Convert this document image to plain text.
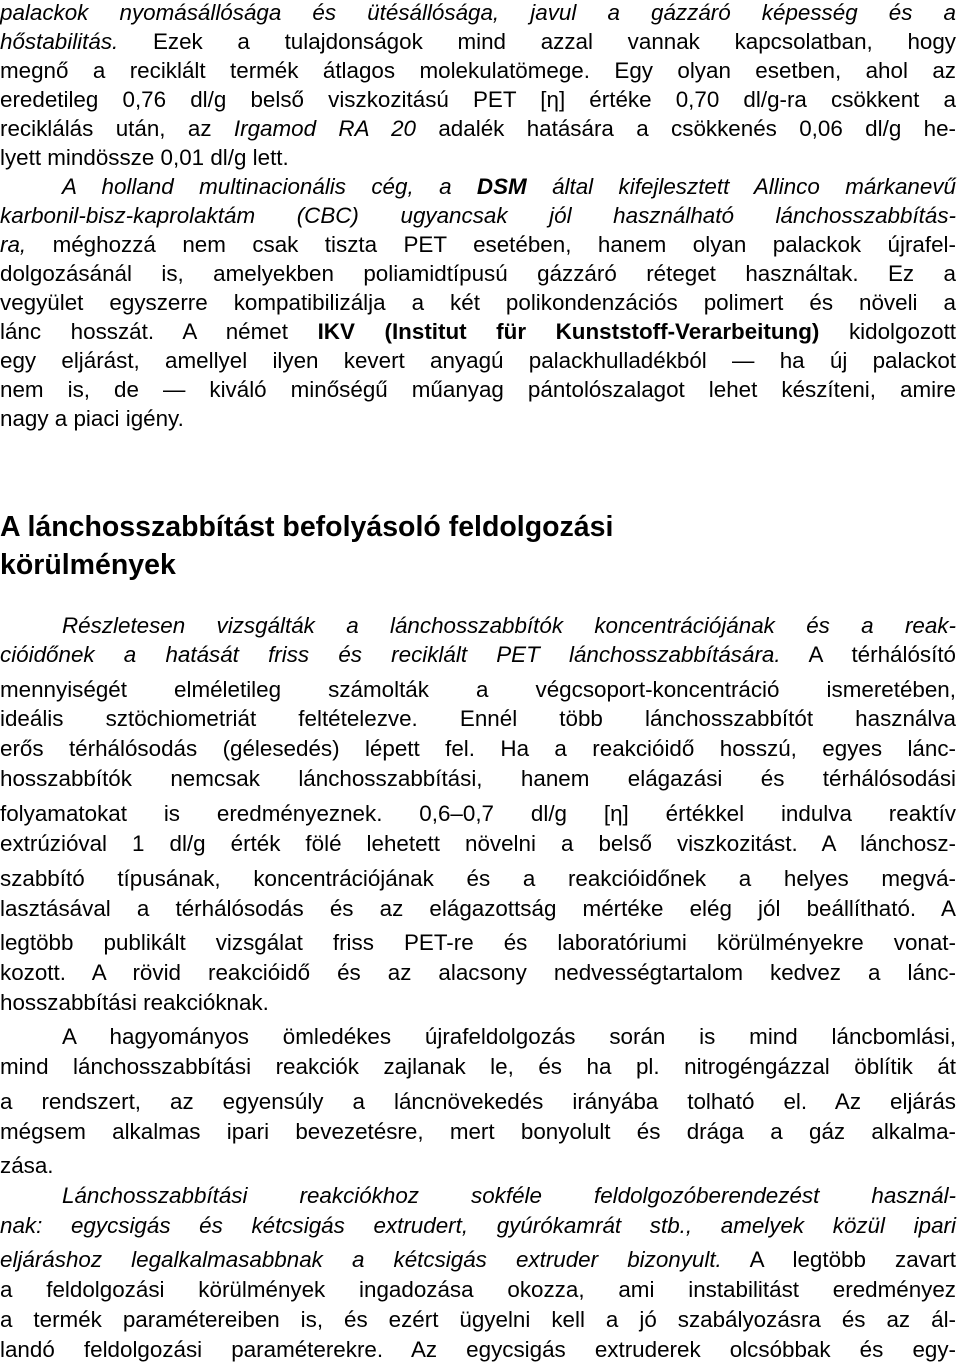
palackok nyomásállósága és ütésállósága, javul a gázzáró képesség és a
hőstabilitás. Ezek a tulajdonságok mind azzal vannak kapcsolatban, hogy
megnő a reciklált termék átlagos molekulatömege. Egy olyan esetben, ahol az
eredetileg 0,76 dl/g belső viszkozitású PET [η] értéke 0,70 dl/g-ra csökkent a
reciklálás után, az Irgamod RA 20 adalék hatására a csökkenés 0,06 dl/g he-
lyett mindössze 0,01 dl/g lett.
A holland multinacionális cég, a DSM által kifejlesztett Allinco márkanevű
karbonil-bisz-kaprolaktám (CBC) ugyancsak jól használható lánchosszabbítás-
ra, méghozzá nem csak tiszta PET esetében, hanem olyan palackok újrafel-
dolgozásánál is, amelyekben poliamidtípusú gázzáró réteget használtak. Ez a
vegyület egyszerre kompatibilizálja a két polikondenzációs polimert és növeli a
lánc hosszát. A német IKV (Institut für Kunststoff-Verarbeitung) kidolgozott
egy eljárást, amellyel ilyen kevert anyagú palackhulladékból — ha új palackot
nem is, de — kiváló minőségű műanyag pántolószalagot lehet készíteni, amire
nagy a piaci igény.
A lánchosszabbítást befolyásoló feldolgozási
körülmények
Részletesen vizsgálták a lánchosszabbítók koncentrációjának és a reak-
cióidőnek a hatását friss és reciklált PET lánchosszabbítására. A térhálósító
mennyiségét elméletileg számolták a végcsoport-koncentráció ismeretében,
ideális sztöchiometriát feltételezve. Ennél több lánchosszabbítót használva
erős térhálósodás (gélesedés) lépett fel. Ha a reakcióidő hosszú, egyes lánc-
hosszabbítók nemcsak lánchosszabbítási, hanem elágazási és térhálósodási
folyamatokat is eredményeznek. 0,6–0,7 dl/g [η] értékkel indulva reaktív
extrúzióval 1 dl/g érték fölé lehetett növelni a belső viszkozitást. A lánchosz-
szabbító típusának, koncentrációjának és a reakcióidőnek a helyes megvá-
lasztásával a térhálósodás és az elágazottság mértéke elég jól beállítható. A
legtöbb publikált vizsgálat friss PET-re és laboratóriumi körülményekre vonat-
kozott. A rövid reakcióidő és az alacsony nedvességtartalom kedvez a lánc-
hosszabbítási reakcióknak.
A hagyományos ömledékes újrafeldolgozás során is mind láncbomlási,
mind lánchosszabbítási reakciók zajlanak le, és ha pl. nitrogéngázzal öblítik át
a rendszert, az egyensúly a láncnövekedés irányába tolható el. Az eljárás
mégsem alkalmas ipari bevezetésre, mert bonyolult és drága a gáz alkalma-
zása.
Lánchosszabbítási reakciókhoz sokféle feldolgozóberendezést használ-
nak: egycsigás és kétcsigás extrudert, gyúrókamrát stb., amelyek közül ipari
eljáráshoz legalkalmasabbnak a kétcsigás extruder bizonyult. A legtöbb zavart
a feldolgozási körülmények ingadozása okozza, ami instabilitást eredményez
a termék paramétereiben is, és ezért ügyelni kell a jó szabályozásra és az ál-
landó feldolgozási paraméterekre. Az egycsigás extruderek olcsóbbak és egy-
